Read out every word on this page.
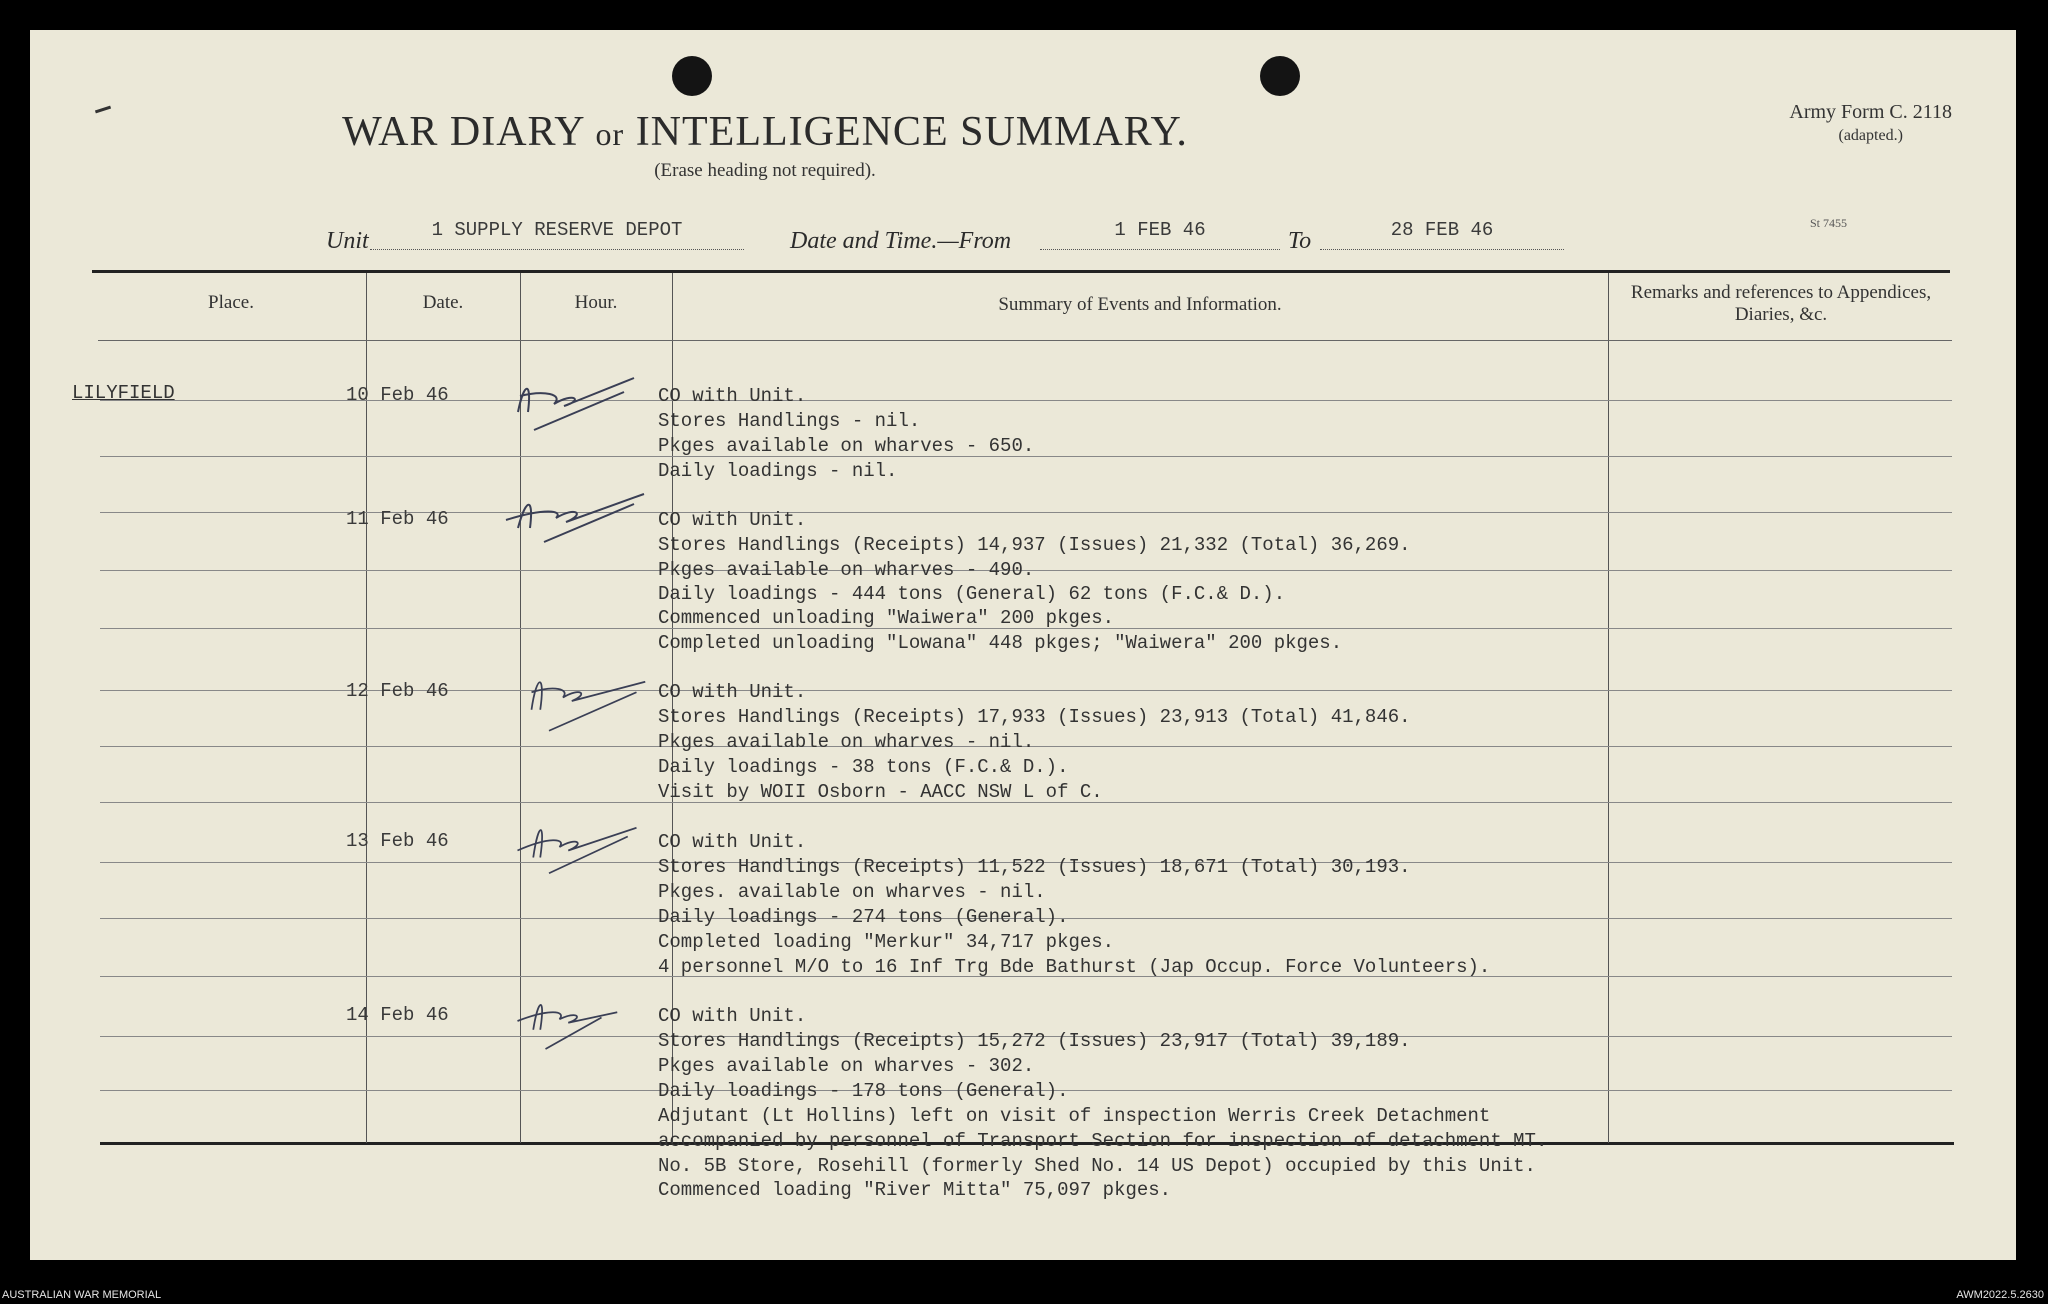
WAR DIARY or INTELLIGENCE SUMMARY.
(Erase heading not required).
Army Form C. 2118
(adapted.)
St 7455
Unit	1 SUPPLY RESERVE DEPOT	Date and Time.—From	1 FEB 46	To	28 FEB 46
Place.	Date.	Hour.	Summary of Events and Information.
Remarks and references to Appendices, Diaries, &c.
LILYFIELD	10 Feb 46	CO with Unit.
Stores Handlings - nil.
Pkges available on wharves - 650.
Daily loadings - nil.
11 Feb 46	CO with Unit.
Stores Handlings (Receipts) 14,937 (Issues) 21,332 (Total) 36,269.
Pkges available on wharves - 490.
Daily loadings - 444 tons (General) 62 tons (F.C.& D.).
Commenced unloading "Waiwera" 200 pkges.
Completed unloading "Lowana" 448 pkges; "Waiwera" 200 pkges.
12 Feb 46	CO with Unit.
Stores Handlings (Receipts) 17,933 (Issues) 23,913 (Total) 41,846.
Pkges available on wharves - nil.
Daily loadings - 38 tons (F.C.& D.).
Visit by WOII Osborn - AACC NSW L of C.
13 Feb 46	CO with Unit.
Stores Handlings (Receipts) 11,522 (Issues) 18,671 (Total) 30,193.
Pkges. available on wharves - nil.
Daily loadings - 274 tons (General).
Completed loading "Merkur" 34,717 pkges.
4 personnel M/O to 16 Inf Trg Bde Bathurst (Jap Occup. Force Volunteers).
14 Feb 46	CO with Unit.
Stores Handlings (Receipts) 15,272 (Issues) 23,917 (Total) 39,189.
Pkges available on wharves - 302.
Daily loadings - 178 tons (General).
Adjutant (Lt Hollins) left on visit of inspection Werris Creek Detachment
accompanied by personnel of Transport Section for inspection of detachment MT.
No. 5B Store, Rosehill (formerly Shed No. 14 US Depot) occupied by this Unit.
Commenced loading "River Mitta" 75,097 pkges.
AUSTRALIAN WAR MEMORIAL	AWM2022.5.2630
